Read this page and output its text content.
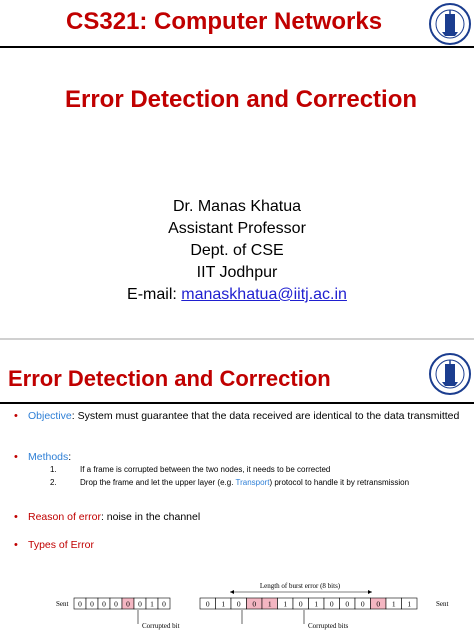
CS321: Computer Networks
Error Detection and Correction
Dr. Manas Khatua
Assistant Professor
Dept. of CSE
IIT Jodhpur
E-mail: manaskhatua@iitj.ac.in
Error Detection and Correction
• Objective: System must guarantee that the data received are identical to the data transmitted
• Methods:
1.	If a frame is corrupted between the two nodes, it needs to be corrected
2.	Drop the frame and let the upper layer (e.g. Transport) protocol to handle it by retransmission
• Reason of error: noise in the channel
• Types of Error
Length of burst error (8 bits)
Sent 0 0 0 0 0 0 1 0
Corrupted bit
0 1 0 0 1 1 0 1 0 0 0 0 1 1	Sent
Corrupted bits
